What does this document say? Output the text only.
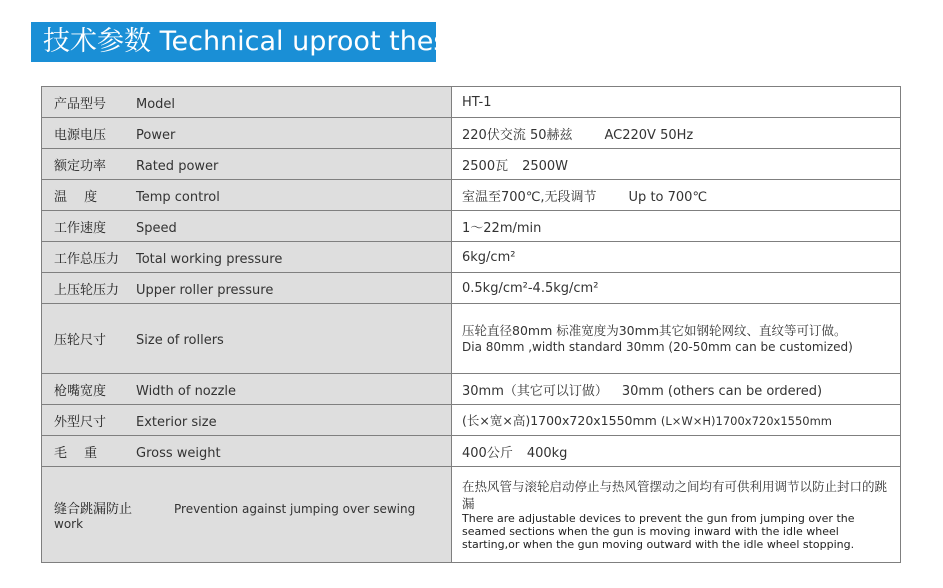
技术参数 Technical uproot these:
产品型号 Model	HT-1
电源电压 Power	220伏交流 50赫兹 AC220V 50Hz
额定功率 Rated power	2500瓦 2500W
温　 度 Temp control	室温至700℃,无段调节 Up to 700℃
工作速度 Speed	1～22m/min
工作总压力 Total working pressure	6kg/cm²
上压轮压力 Upper roller pressure	0.5kg/cm²-4.5kg/cm²
压轮尺寸 Size of rollers	压轮直径80mm 标准宽度为30mm其它如钢轮网纹、直纹等可订做。
Dia 80mm ,width standard 30mm (20-50mm can be customized)

枪嘴宽度 Width of nozzle	30mm（其它可以订做） 30mm (others can be ordered)
外型尺寸 Exterior size	(长×宽×高)1700x720x1550mm (L×W×H)1700x720x1550mm
毛　 重 Gross weight	400公斤 400kg
缝合跳漏防止 Prevention against jumping over sewing work	在热风管与滚轮启动停止与热风管摆动之间均有可供利用调节以防止封口的跳漏
There are adjustable devices to prevent the gun from jumping over the seamed sections when the gun is moving inward with the idle wheel starting,or when the gun moving outward with the idle wheel stopping.
